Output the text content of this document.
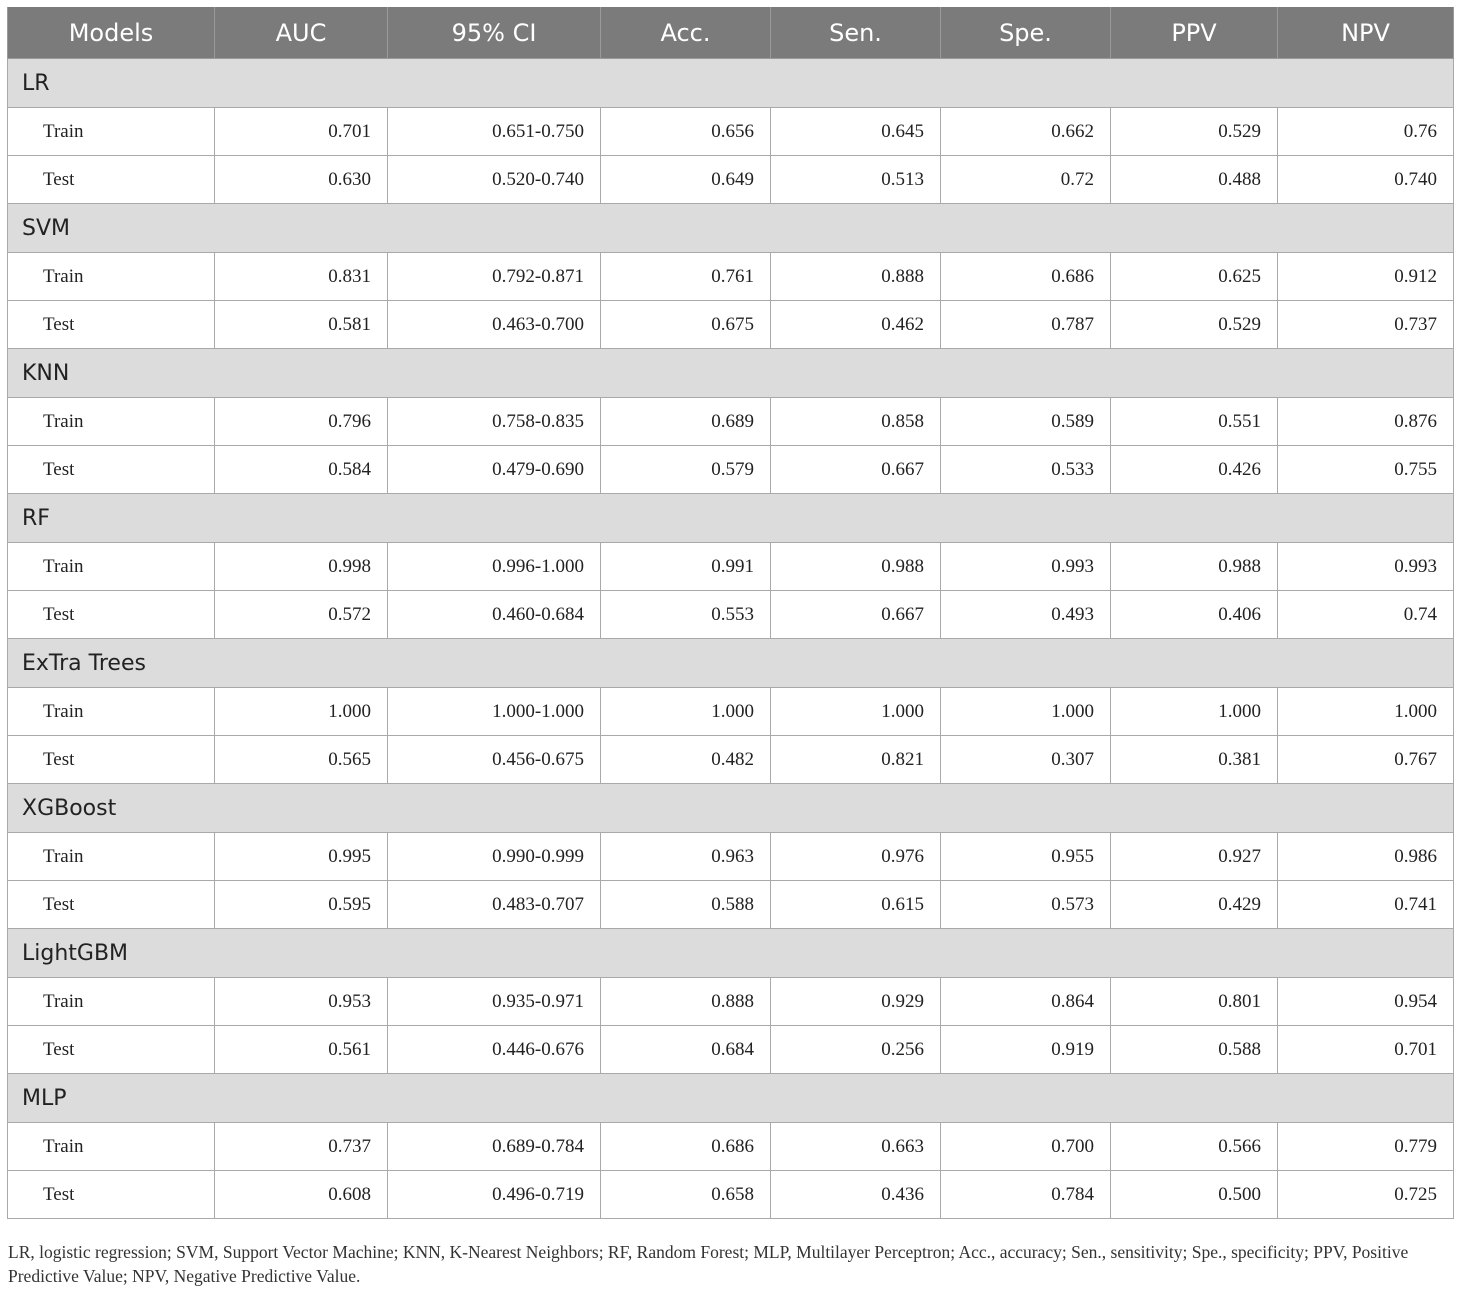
Models	AUC	95% CI	Acc.	Sen.	Spe.	PPV	NPV
LR							
Train	0.701	0.651-0.750	0.656	0.645	0.662	0.529	0.76
Test	0.630	0.520-0.740	0.649	0.513	0.72	0.488	0.740
SVM							
Train	0.831	0.792-0.871	0.761	0.888	0.686	0.625	0.912
Test	0.581	0.463-0.700	0.675	0.462	0.787	0.529	0.737
KNN							
Train	0.796	0.758-0.835	0.689	0.858	0.589	0.551	0.876
Test	0.584	0.479-0.690	0.579	0.667	0.533	0.426	0.755
RF							
Train	0.998	0.996-1.000	0.991	0.988	0.993	0.988	0.993
Test	0.572	0.460-0.684	0.553	0.667	0.493	0.406	0.74
ExTra Trees							
Train	1.000	1.000-1.000	1.000	1.000	1.000	1.000	1.000
Test	0.565	0.456-0.675	0.482	0.821	0.307	0.381	0.767
XGBoost							
Train	0.995	0.990-0.999	0.963	0.976	0.955	0.927	0.986
Test	0.595	0.483-0.707	0.588	0.615	0.573	0.429	0.741
LightGBM							
Train	0.953	0.935-0.971	0.888	0.929	0.864	0.801	0.954
Test	0.561	0.446-0.676	0.684	0.256	0.919	0.588	0.701
MLP							
Train	0.737	0.689-0.784	0.686	0.663	0.700	0.566	0.779
Test	0.608	0.496-0.719	0.658	0.436	0.784	0.500	0.725
LR, logistic regression; SVM, Support Vector Machine; KNN, K-Nearest Neighbors; RF, Random Forest; MLP, Multilayer Perceptron; Acc., accuracy; Sen., sensitivity; Spe., specificity; PPV, Positive Predictive Value; NPV, Negative Predictive Value.
